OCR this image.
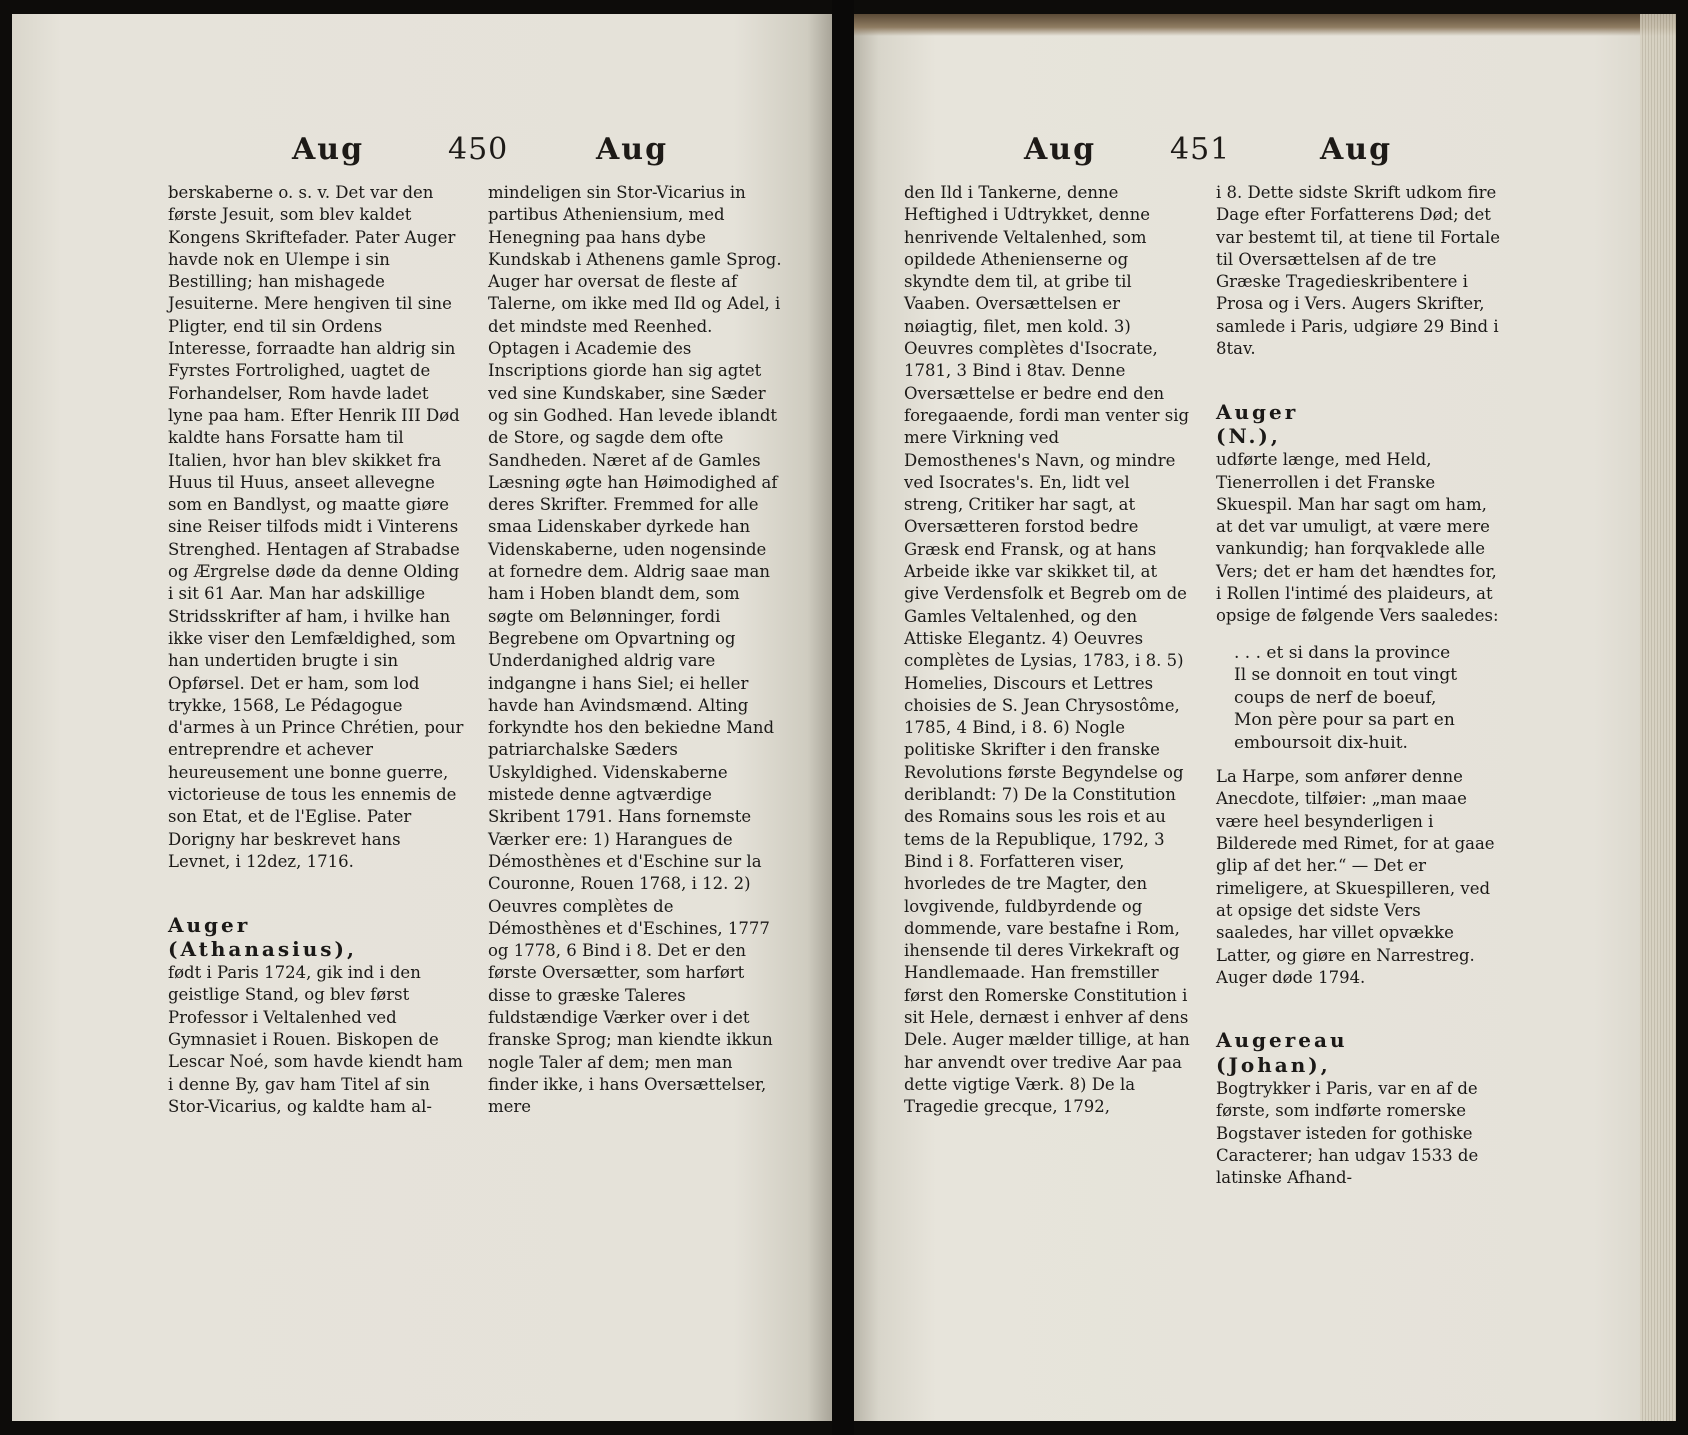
Aug	450	Aug

berskaberne o. s. v. Det var den første Jesuit, som blev kaldet Kongens Skriftefader. Pater Auger havde nok en Ulempe i sin Bestilling; han mishagede Jesuiterne. Mere hengiven til sine Pligter, end til sin Ordens Interesse, forraadte han aldrig sin Fyrstes Fortrolighed, uagtet de Forhandelser, Rom havde ladet lyne paa ham. Efter Henrik III Død kaldte hans Forsatte ham til Italien, hvor han blev skikket fra Huus til Huus, anseet allevegne som en Bandlyst, og maatte giøre sine Reiser tilfods midt i Vinterens Strenghed. Hentagen af Strabadse og Ærgrelse døde da denne Olding i sit 61 Aar. Man har adskillige Stridsskrifter af ham, i hvilke han ikke viser den Lemfældighed, som han undertiden brugte i sin Opførsel. Det er ham, som lod trykke, 1568, Le Pédagogue d'armes à un Prince Chrétien, pour entreprendre et achever heureusement une bonne guerre, victorieuse de tous les ennemis de son Etat, et de l'Eglise. Pater Dorigny har beskrevet hans Levnet, i 12dez, 1716.

Auger
(Athanasius),
født i Paris 1724, gik ind i den geistlige Stand, og blev først Professor i Veltalenhed ved Gymnasiet i Rouen. Biskopen de Lescar Noé, som havde kiendt ham i denne By, gav ham Titel af sin Stor-Vicarius, og kaldte ham al-

mindeligen sin Stor-Vicarius in partibus Atheniensium, med Henegning paa hans dybe Kundskab i Athenens gamle Sprog. Auger har oversat de fleste af Talerne, om ikke med Ild og Adel, i det mindste med Reenhed. Optagen i Academie des Inscriptions giorde han sig agtet ved sine Kundskaber, sine Sæder og sin Godhed. Han levede iblandt de Store, og sagde dem ofte Sandheden. Næret af de Gamles Læsning øgte han Høimodighed af deres Skrifter. Fremmed for alle smaa Lidenskaber dyrkede han Videnskaberne, uden nogensinde at fornedre dem. Aldrig saae man ham i Hoben blandt dem, som søgte om Belønninger, fordi Begrebene om Opvartning og Underdanighed aldrig vare indgangne i hans Siel; ei heller havde han Avindsmænd. Alting forkyndte hos den bekiedne Mand patriarchalske Sæders Uskyldighed. Videnskaberne mistede denne agtværdige Skribent 1791. Hans fornemste Værker ere: 1) Harangues de Démosthènes et d'Eschine sur la Couronne, Rouen 1768, i 12. 2) Oeuvres complètes de Démosthènes et d'Eschines, 1777 og 1778, 6 Bind i 8. Det er den første Oversætter, som harført disse to græske Taleres fuldstændige Værker over i det franske Sprog; man kiendte ikkun nogle Taler af dem; men man finder ikke, i hans Oversættelser, mere

Aug 451	Aug

den Ild i Tankerne, denne Heftighed i Udtrykket, denne henrivende Veltalenhed, som opildede Athenienserne og skyndte dem til, at gribe til Vaaben. Oversættelsen er nøiagtig, filet, men kold. 3) Oeuvres complètes d'Isocrate, 1781, 3 Bind i 8tav. Denne Oversættelse er bedre end den foregaaende, fordi man venter sig mere Virkning ved Demosthenes's Navn, og mindre ved Isocrates's. En, lidt vel streng, Critiker har sagt, at Oversætteren forstod bedre Græsk end Fransk, og at hans Arbeide ikke var skikket til, at give Verdensfolk et Begreb om de Gamles Veltalenhed, og den Attiske Elegantz. 4) Oeuvres complètes de Lysias, 1783, i 8. 5) Homelies, Discours et Lettres choisies de S. Jean Chrysostôme, 1785, 4 Bind, i 8. 6) Nogle politiske Skrifter i den franske Revolutions første Begyndelse og deriblandt: 7) De la Constitution des Romains sous les rois et au tems de la Republique, 1792, 3 Bind i 8. Forfatteren viser, hvorledes de tre Magter, den lovgivende, fuldbyrdende og dommende, vare bestafne i Rom, ihensende til deres Virkekraft og Handlemaade. Han fremstiller først den Romerske Constitution i sit Hele, dernæst i enhver af dens Dele. Auger mælder tillige, at han har anvendt over tredive Aar paa dette vigtige Værk. 8) De la Tragedie grecque, 1792,

i 8. Dette sidste Skrift udkom fire Dage efter Forfatterens Død; det var bestemt til, at tiene til Fortale til Oversættelsen af de tre Græske Tragedieskribentere i Prosa og i Vers. Augers Skrifter, samlede i Paris, udgiøre 29 Bind i 8tav.

Auger
(N.),
udførte længe, med Held, Tienerrollen i det Franske Skuespil. Man har sagt om ham, at det var umuligt, at være mere vankundig; han forqvaklede alle Vers; det er ham det hændtes for, i Rollen l'intimé des plaideurs, at opsige de følgende Vers saaledes:

. . . et si dans la province
Il se donnoit en tout vingt coups de nerf de boeuf,
Mon père pour sa part en emboursoit dix-huit.

La Harpe, som anfører denne Anecdote, tilføier: „man maae være heel besynderligen i Bilderede med Rimet, for at gaae glip af det her.“ — Det er rimeligere, at Skuespilleren, ved at opsige det sidste Vers saaledes, har villet opvække Latter, og giøre en Narrestreg. Auger døde 1794.

Augereau
(Johan),
Bogtrykker i Paris, var en af de første, som indførte romerske Bogstaver isteden for gothiske Caracterer; han udgav 1533 de latinske Afhand-
